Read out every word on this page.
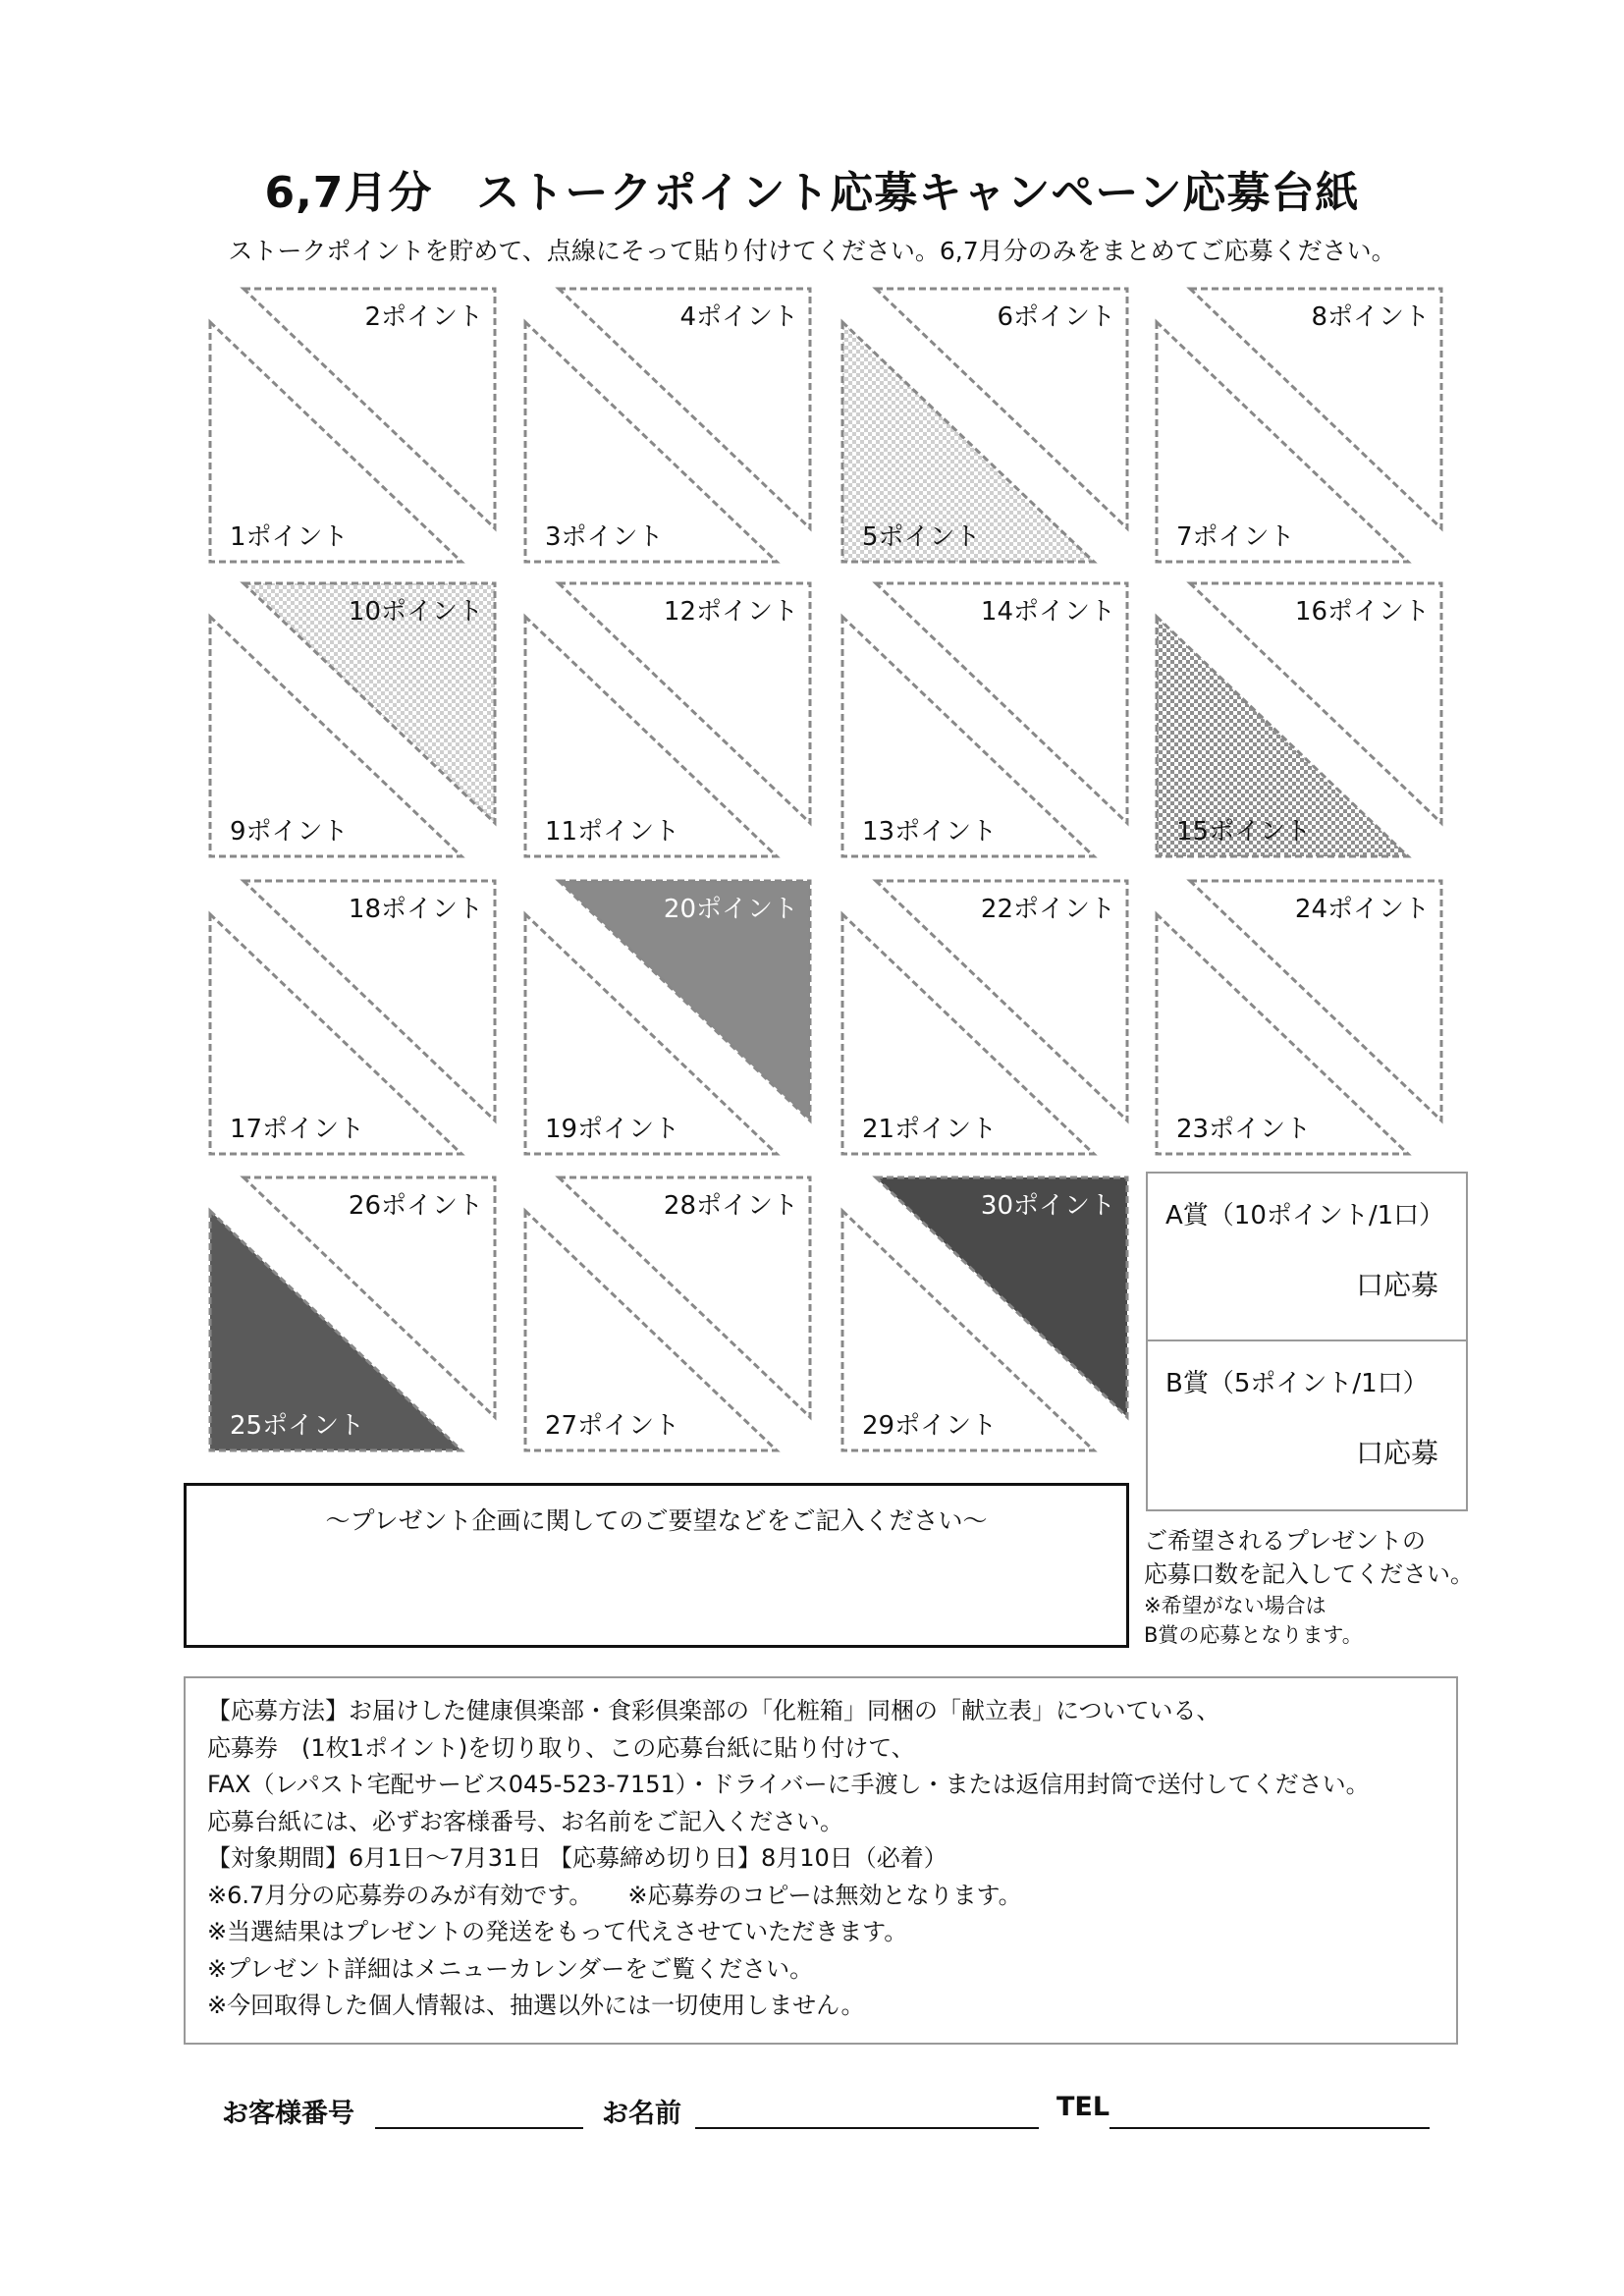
6,7月分　ストークポイント応募キャンペーン応募台紙
ストークポイントを貯めて、点線にそって貼り付けてください。6,7月分のみをまとめてご応募ください。
2ポイント
1ポイント
4ポイント
3ポイント
6ポイント
5ポイント
8ポイント
7ポイント
10ポイント
9ポイント
12ポイント
11ポイント
14ポイント
13ポイント
16ポイント
15ポイント
18ポイント
17ポイント
20ポイント
19ポイント
22ポイント
21ポイント
24ポイント
23ポイント
26ポイント
25ポイント
28ポイント
27ポイント
30ポイント
29ポイント
A賞（10ポイント/1口）
口応募
B賞（5ポイント/1口）
口応募
～プレゼント企画に関してのご要望などをご記入ください～
ご希望されるプレゼントの
応募口数を記入してください。
※希望がない場合は
B賞の応募となります。
【応募方法】お届けした健康倶楽部・食彩倶楽部の「化粧箱」同梱の「献立表」についている、
応募券　(1枚1ポイント)を切り取り、この応募台紙に貼り付けて、
FAX（レパスト宅配サービス045-523-7151）・ドライバーに手渡し・または返信用封筒で送付してください。
応募台紙には、必ずお客様番号、お名前をご記入ください。
【対象期間】6月1日～7月31日 【応募締め切り日】8月10日（必着）
※6.7月分の応募券のみが有効です。　　※応募券のコピーは無効となります。
※当選結果はプレゼントの発送をもって代えさせていただきます。
※プレゼント詳細はメニューカレンダーをご覧ください。
※今回取得した個人情報は、抽選以外には一切使用しません。
お客様番号	お名前	TEL
